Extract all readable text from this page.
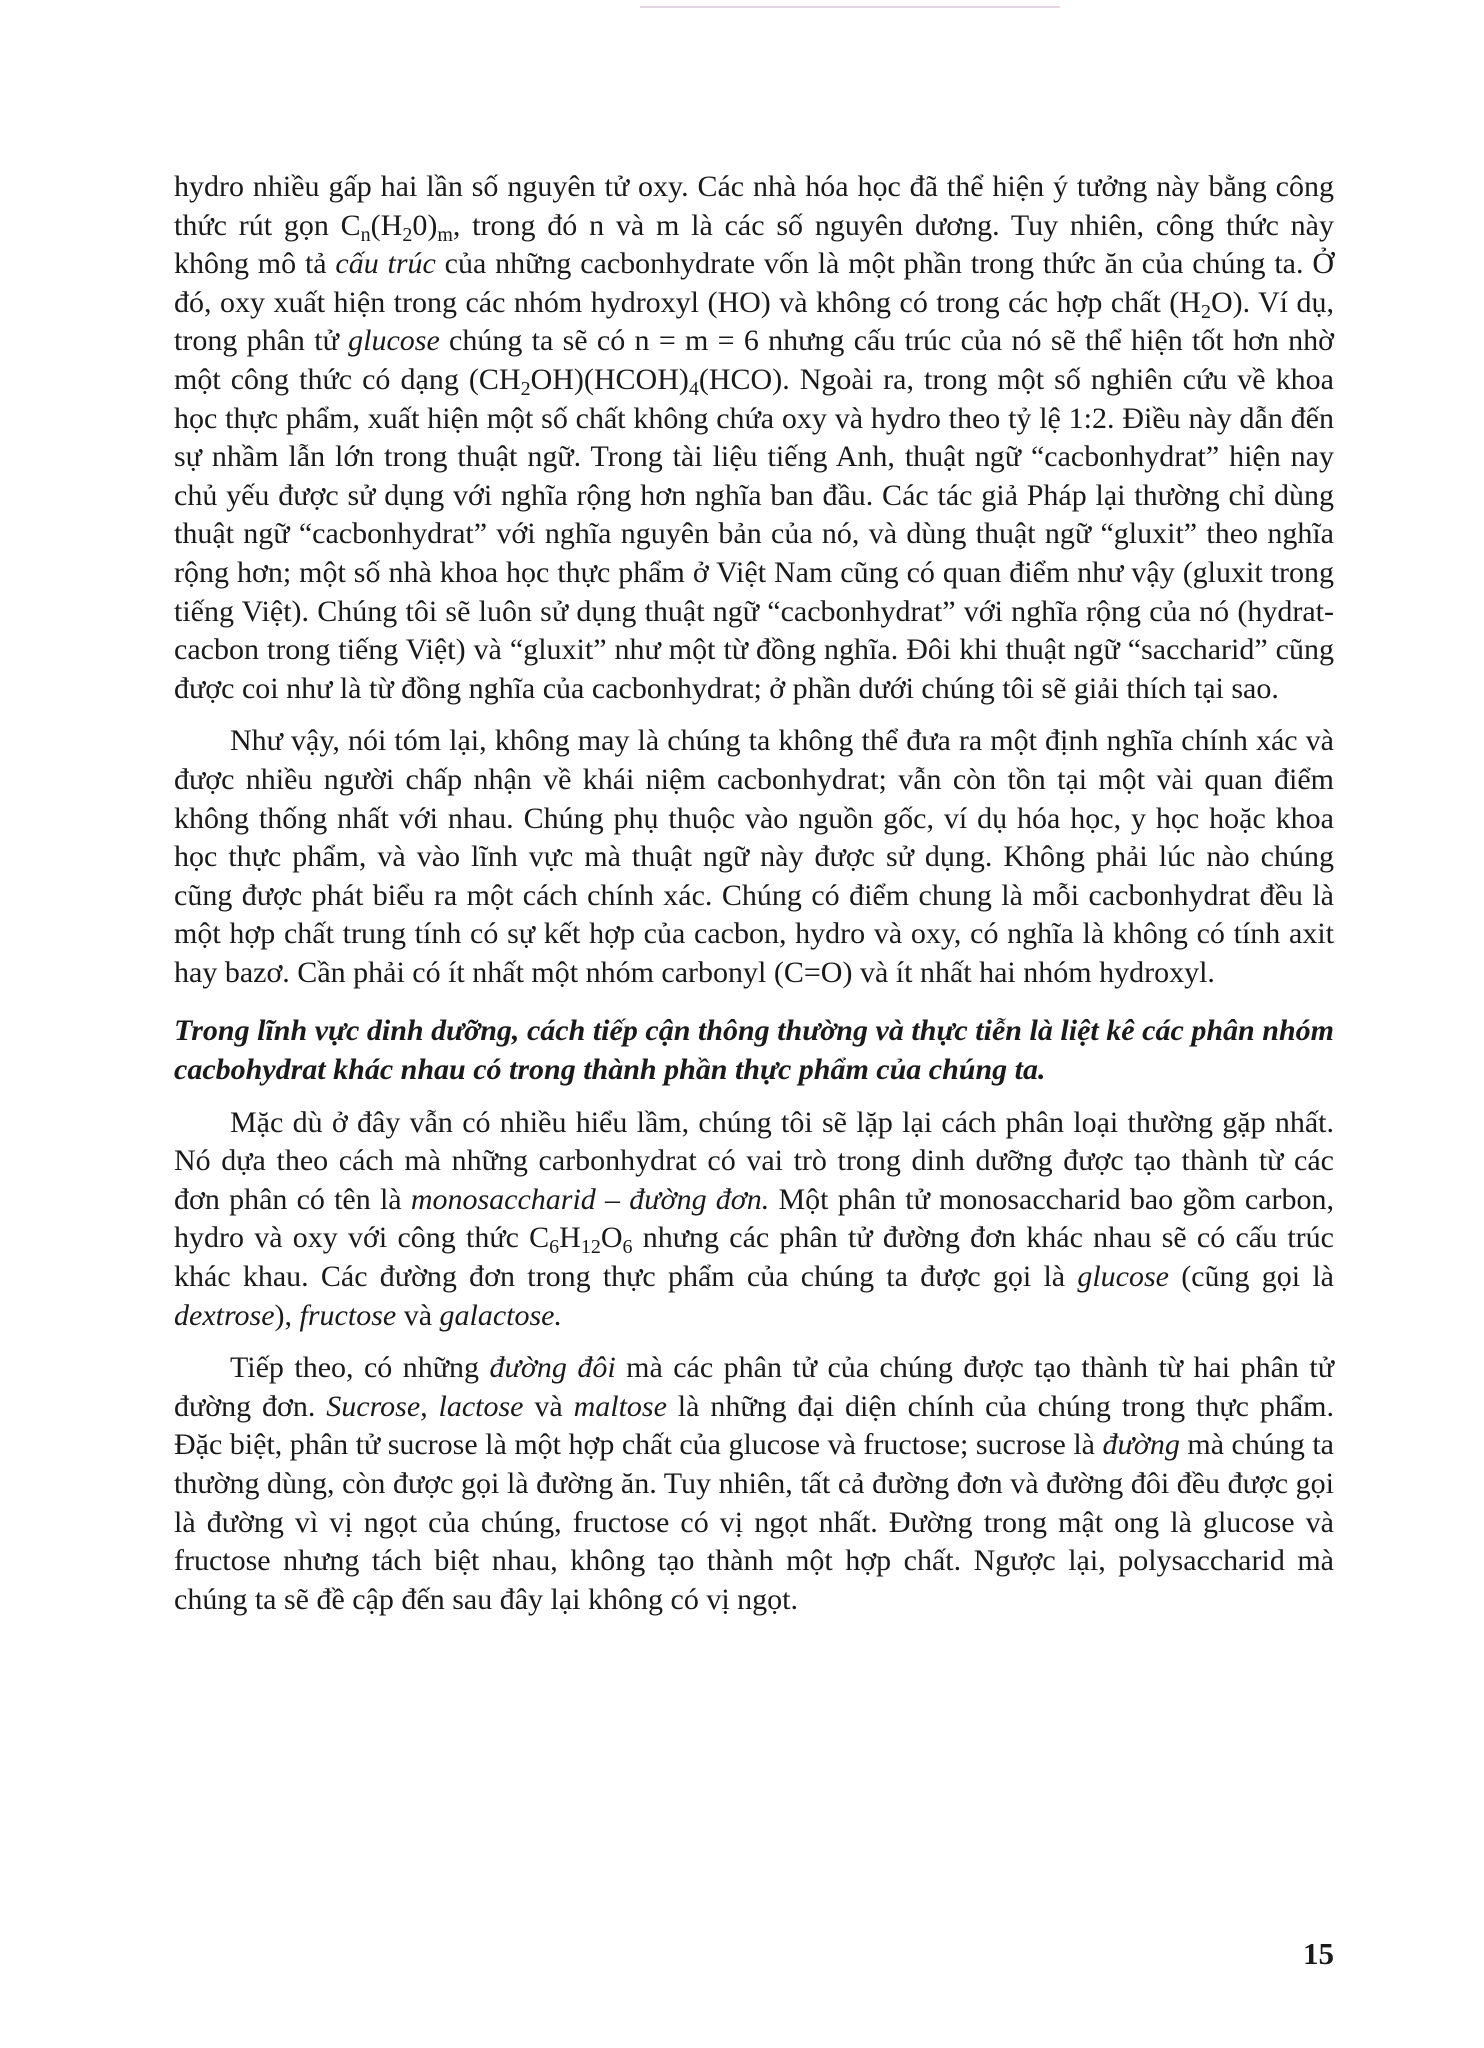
hydro nhiều gấp hai lần số nguyên tử oxy. Các nhà hóa học đã thể hiện ý tưởng này bằng công thức rút gọn $C_n(H_20)_m$, trong đó n và m là các số nguyên dương. Tuy nhiên, công thức này không mô tả cấu trúc của những cacbonhydrate vốn là một phần trong thức ăn của chúng ta. Ở đó, oxy xuất hiện trong các nhóm hydroxyl (HO) và không có trong các hợp chất $(H_2O)$. Ví dụ, trong phân tử glucose chúng ta sẽ có n = m = 6 nhưng cấu trúc của nó sẽ thể hiện tốt hơn nhờ một công thức có dạng $(CH_2OH)(HCOH)_4(HCO)$. Ngoài ra, trong một số nghiên cứu về khoa học thực phẩm, xuất hiện một số chất không chứa oxy và hydro theo tỷ lệ 1:2. Điều này dẫn đến sự nhầm lẫn lớn trong thuật ngữ. Trong tài liệu tiếng Anh, thuật ngữ “cacbonhydrat” hiện nay chủ yếu được sử dụng với nghĩa rộng hơn nghĩa ban đầu. Các tác giả Pháp lại thường chỉ dùng thuật ngữ “cacbonhydrat” với nghĩa nguyên bản của nó, và dùng thuật ngữ “gluxit” theo nghĩa rộng hơn; một số nhà khoa học thực phẩm ở Việt Nam cũng có quan điểm như vậy (gluxit trong tiếng Việt). Chúng tôi sẽ luôn sử dụng thuật ngữ “cacbonhydrat” với nghĩa rộng của nó (hydrat-cacbon trong tiếng Việt) và “gluxit” như một từ đồng nghĩa. Đôi khi thuật ngữ “saccharid” cũng được coi như là từ đồng nghĩa của cacbonhydrat; ở phần dưới chúng tôi sẽ giải thích tại sao.

Như vậy, nói tóm lại, không may là chúng ta không thể đưa ra một định nghĩa chính xác và được nhiều người chấp nhận về khái niệm cacbonhydrat; vẫn còn tồn tại một vài quan điểm không thống nhất với nhau. Chúng phụ thuộc vào nguồn gốc, ví dụ hóa học, y học hoặc khoa học thực phẩm, và vào lĩnh vực mà thuật ngữ này được sử dụng. Không phải lúc nào chúng cũng được phát biểu ra một cách chính xác. Chúng có điểm chung là mỗi cacbonhydrat đều là một hợp chất trung tính có sự kết hợp của cacbon, hydro và oxy, có nghĩa là không có tính axit hay bazơ. Cần phải có ít nhất một nhóm carbonyl (C=O) và ít nhất hai nhóm hydroxyl.

Trong lĩnh vực dinh dưỡng, cách tiếp cận thông thường và thực tiễn là liệt kê các phân nhóm cacbohydrat khác nhau có trong thành phần thực phẩm của chúng ta.

Mặc dù ở đây vẫn có nhiều hiểu lầm, chúng tôi sẽ lặp lại cách phân loại thường gặp nhất. Nó dựa theo cách mà những carbonhydrat có vai trò trong dinh dưỡng được tạo thành từ các đơn phân có tên là monosaccharid – đường đơn. Một phân tử monosaccharid bao gồm carbon, hydro và oxy với công thức $C_6H_{12}O_6$ nhưng các phân tử đường đơn khác nhau sẽ có cấu trúc khác khau. Các đường đơn trong thực phẩm của chúng ta được gọi là glucose (cũng gọi là dextrose), fructose và galactose.

Tiếp theo, có những đường đôi mà các phân tử của chúng được tạo thành từ hai phân tử đường đơn. Sucrose, lactose và maltose là những đại diện chính của chúng trong thực phẩm. Đặc biệt, phân tử sucrose là một hợp chất của glucose và fructose; sucrose là đường mà chúng ta thường dùng, còn được gọi là đường ăn. Tuy nhiên, tất cả đường đơn và đường đôi đều được gọi là đường vì vị ngọt của chúng, fructose có vị ngọt nhất. Đường trong mật ong là glucose và fructose nhưng tách biệt nhau, không tạo thành một hợp chất. Ngược lại, polysaccharid mà chúng ta sẽ đề cập đến sau đây lại không có vị ngọt.

15
